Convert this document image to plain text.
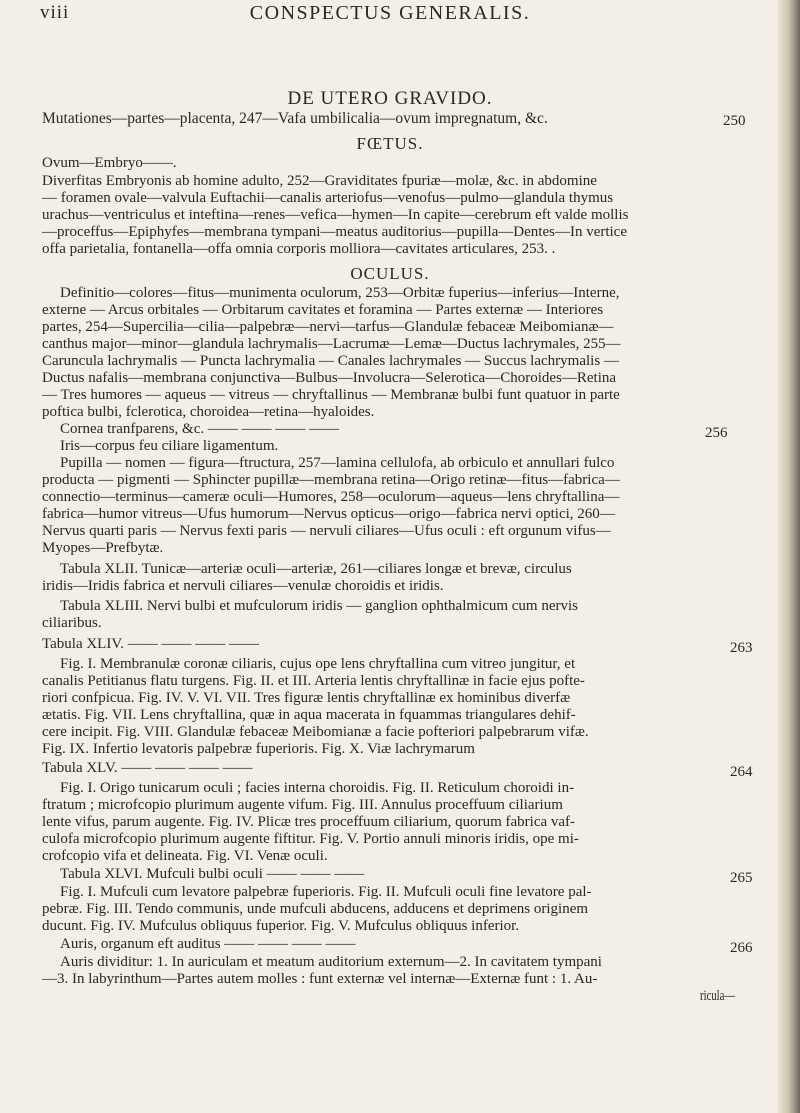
viii	CONSPECTUS GENERALIS.
DE UTERO GRAVIDO.
Mutationes—partes—placenta, 247—Vafa umbilicalia—ovum impregnatum, &c.	250
FŒTUS.
Ovum—Embryo——.
Diverfitas Embryonis ab homine adulto, 252—Graviditates fpuriæ—molæ, &c. in abdomine
— foramen ovale—valvula Euftachii—canalis arteriofus—venofus—pulmo—glandula thymus
urachus—ventriculus et inteftina—renes—vefica—hymen—In capite—cerebrum eft valde mollis
—proceffus—Epiphyfes—membrana tympani—meatus auditorius—pupilla—Dentes—In vertice
offa parietalia, fontanella—offa omnia corporis molliora—cavitates articulares, 253. .
OCULUS.
Definitio—colores—fitus—munimenta oculorum, 253—Orbitæ fuperius—inferius—Interne,
externe — Arcus orbitales — Orbitarum cavitates et foramina — Partes externæ — Interiores
partes, 254—Supercilia—cilia—palpebræ—nervi—tarfus—Glandulæ febaceæ Meibomianæ—
canthus major—minor—glandula lachrymalis—Lacrumæ—Lemæ—Ductus lachrymales, 255—
Caruncula lachrymalis — Puncta lachrymalia — Canales lachrymales — Succus lachrymalis —
Ductus nafalis—membrana conjunctiva—Bulbus—Involucra—Selerotica—Choroides—Retina
— Tres humores — aqueus — vitreus — chryftallinus — Membranæ bulbi funt quatuor in parte
poftica bulbi, fclerotica, choroidea—retina—hyaloides.
Cornea tranfparens, &c. —— —— —— ——	256
Iris—corpus feu ciliare ligamentum.
Pupilla — nomen — figura—ftructura, 257—lamina cellulofa, ab orbiculo et annullari fulco
producta — pigmenti — Sphincter pupillæ—membrana retina—Origo retinæ—fitus—fabrica—
connectio—terminus—cameræ oculi—Humores, 258—oculorum—aqueus—lens chryftallina—
fabrica—humor vitreus—Ufus humorum—Nervus opticus—origo—fabrica nervi optici, 260—
Nervus quarti paris — Nervus fexti paris — nervuli ciliares—Ufus oculi : eft orgunum vifus—
Myopes—Prefbytæ.
Tabula XLII. Tunicæ—arteriæ oculi—arteriæ, 261—ciliares longæ et brevæ, circulus
iridis—Iridis fabrica et nervuli ciliares—venulæ choroidis et iridis.
Tabula XLIII. Nervi bulbi et mufculorum iridis — ganglion ophthalmicum cum nervis
ciliaribus.
Tabula XLIV. —— —— —— ——	263
Fig. I. Membranulæ coronæ ciliaris, cujus ope lens chryftallina cum vitreo jungitur, et
canalis Petitianus flatu turgens. Fig. II. et III. Arteria lentis chryftallinæ in facie ejus pofte-
riori confpicua. Fig. IV. V. VI. VII. Tres figuræ lentis chryftallinæ ex hominibus diverfæ
ætatis. Fig. VII. Lens chryftallina, quæ in aqua macerata in fquammas triangulares dehif-
cere incipit. Fig. VIII. Glandulæ febaceæ Meibomianæ a facie pofteriori palpebrarum vifæ.
Fig. IX. Infertio levatoris palpebræ fuperioris. Fig. X. Viæ lachrymarum
Tabula XLV. —— —— —— ——	264
Fig. I. Origo tunicarum oculi ; facies interna choroidis. Fig. II. Reticulum choroidi in-
ftratum ; microfcopio plurimum augente vifum. Fig. III. Annulus proceffuum ciliarium
lente vifus, parum augente. Fig. IV. Plicæ tres proceffuum ciliarium, quorum fabrica vaf-
culofa microfcopio plurimum augente fiftitur. Fig. V. Portio annuli minoris iridis, ope mi-
crofcopio vifa et delineata. Fig. VI. Venæ oculi.
Tabula XLVI. Mufculi bulbi oculi —— —— ——	265
Fig. I. Mufculi cum levatore palpebræ fuperioris. Fig. II. Mufculi oculi fine levatore pal-
pebræ. Fig. III. Tendo communis, unde mufculi abducens, adducens et deprimens originem
ducunt. Fig. IV. Mufculus obliquus fuperior. Fig. V. Mufculus obliquus inferior.
Auris, organum eft auditus —— —— —— ——	266
Auris dividitur: 1. In auriculam et meatum auditorium externum—2. In cavitatem tympani
—3. In labyrinthum—Partes autem molles : funt externæ vel internæ—Externæ funt : 1. Au-
ricula—
